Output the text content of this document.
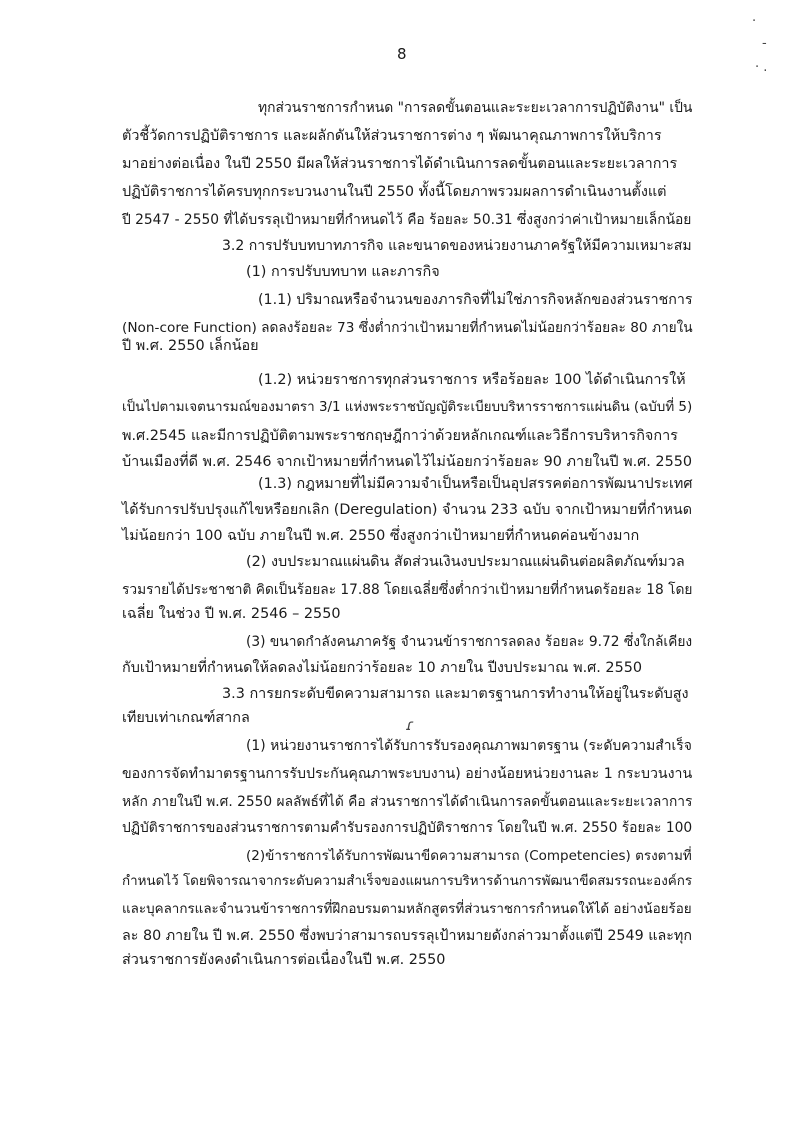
8
·
-
· .
ทุกส่วนราชการกำหนด "การลดขั้นตอนและระยะเวลาการปฏิบัติงาน" เป็น
ตัวชี้วัดการปฏิบัติราชการ และผลักดันให้ส่วนราชการต่าง ๆ พัฒนาคุณภาพการให้บริการ
มาอย่างต่อเนื่อง ในปี 2550 มีผลให้ส่วนราชการได้ดำเนินการลดขั้นตอนและระยะเวลาการ
ปฏิบัติราชการได้ครบทุกกระบวนงานในปี 2550 ทั้งนี้โดยภาพรวมผลการดำเนินงานตั้งแต่
ปี 2547 - 2550 ที่ได้บรรลุเป้าหมายที่กำหนดไว้ คือ ร้อยละ 50.31 ซึ่งสูงกว่าค่าเป้าหมายเล็กน้อย
3.2 การปรับบทบาทภารกิจ และขนาดของหน่วยงานภาครัฐให้มีความเหมาะสม
(1) การปรับบทบาท และภารกิจ
(1.1) ปริมาณหรือจำนวนของภารกิจที่ไม่ใช่ภารกิจหลักของส่วนราชการ
(Non-core Function) ลดลงร้อยละ 73 ซึ่งต่ำกว่าเป้าหมายที่กำหนดไม่น้อยกว่าร้อยละ 80 ภายใน
ปี พ.ศ. 2550 เล็กน้อย
(1.2) หน่วยราชการทุกส่วนราชการ หรือร้อยละ 100 ได้ดำเนินการให้
เป็นไปตามเจตนารมณ์ของมาตรา 3/1 แห่งพระราชบัญญัติระเบียบบริหารราชการแผ่นดิน (ฉบับที่ 5)
พ.ศ.2545 และมีการปฏิบัติตามพระราชกฤษฎีกาว่าด้วยหลักเกณฑ์และวิธีการบริหารกิจการ
บ้านเมืองที่ดี พ.ศ. 2546 จากเป้าหมายที่กำหนดไว้ไม่น้อยกว่าร้อยละ 90 ภายในปี พ.ศ. 2550
(1.3) กฎหมายที่ไม่มีความจำเป็นหรือเป็นอุปสรรคต่อการพัฒนาประเทศ
ได้รับการปรับปรุงแก้ไขหรือยกเลิก (Deregulation) จำนวน 233 ฉบับ จากเป้าหมายที่กำหนด
ไม่น้อยกว่า 100 ฉบับ ภายในปี พ.ศ. 2550 ซึ่งสูงกว่าเป้าหมายที่กำหนดค่อนข้างมาก
(2) งบประมาณแผ่นดิน สัดส่วนเงินงบประมาณแผ่นดินต่อผลิตภัณฑ์มวล
รวมรายได้ประชาชาติ คิดเป็นร้อยละ 17.88 โดยเฉลี่ยซึ่งต่ำกว่าเป้าหมายที่กำหนดร้อยละ 18 โดย
เฉลี่ย ในช่วง ปี พ.ศ. 2546 – 2550
(3) ขนาดกำลังคนภาครัฐ จำนวนข้าราชการลดลง ร้อยละ 9.72 ซึ่งใกล้เคียง
กับเป้าหมายที่กำหนดให้ลดลงไม่น้อยกว่าร้อยละ 10 ภายใน ปีงบประมาณ พ.ศ. 2550
3.3 การยกระดับขีดความสามารถ และมาตรฐานการทำงานให้อยู่ในระดับสูง
เทียบเท่าเกณฑ์สากล	ɾ
(1) หน่วยงานราชการได้รับการรับรองคุณภาพมาตรฐาน (ระดับความสำเร็จ
ของการจัดทำมาตรฐานการรับประกันคุณภาพระบบงาน) อย่างน้อยหน่วยงานละ 1 กระบวนงาน
หลัก ภายในปี พ.ศ. 2550 ผลลัพธ์ที่ได้ คือ ส่วนราชการได้ดำเนินการลดขั้นตอนและระยะเวลาการ
ปฏิบัติราชการของส่วนราชการตามคำรับรองการปฏิบัติราชการ โดยในปี พ.ศ. 2550 ร้อยละ 100
(2)ข้าราชการได้รับการพัฒนาขีดความสามารถ (Competencies) ตรงตามที่
กำหนดไว้ โดยพิจารณาจากระดับความสำเร็จของแผนการบริหารด้านการพัฒนาขีดสมรรถนะองค์กร
และบุคลากรและจำนวนข้าราชการที่ฝึกอบรมตามหลักสูตรที่ส่วนราชการกำหนดให้ได้ อย่างน้อยร้อย
ละ 80 ภายใน ปี พ.ศ. 2550 ซึ่งพบว่าสามารถบรรลุเป้าหมายดังกล่าวมาตั้งแต่ปี 2549 และทุก
ส่วนราชการยังคงดำเนินการต่อเนื่องในปี พ.ศ. 2550
